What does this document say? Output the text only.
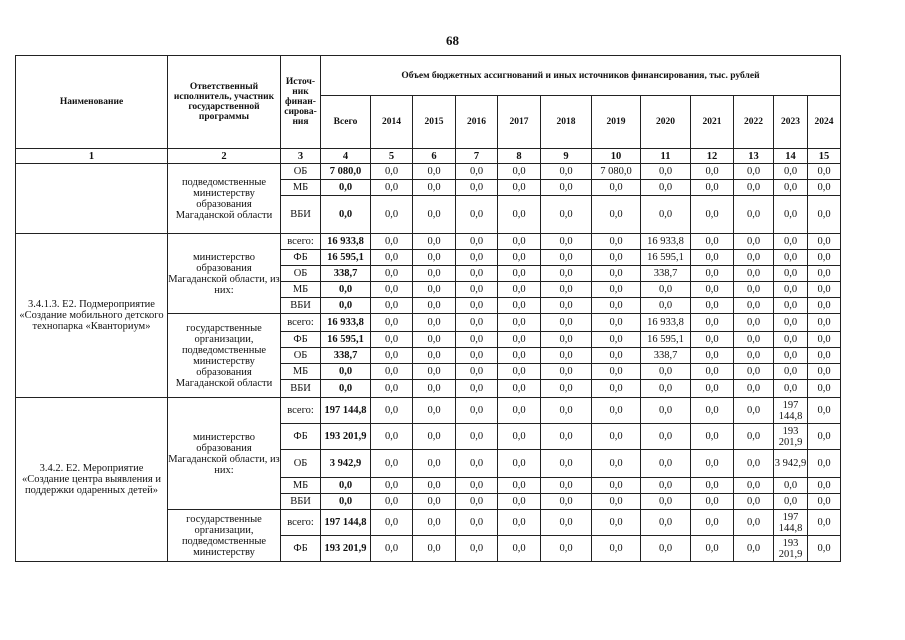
68
Наименование	Ответственный исполнитель, участник государственной программы	Источ-ник финан-сирова-ния	Объем бюджетных ассигнований и иных источников финансирования, тыс. рублей											
			Всего	2014	2015	2016	2017	2018	2019	2020	2021	2022	2023	2024
1	2	3	4	5	6	7	8	9	10	11	12	13	14	15
	подведомственные министерству образования Магаданской области	ОБ	7 080,0	0,0	0,0	0,0	0,0	0,0	7 080,0	0,0	0,0	0,0	0,0	0,0
		МБ	0,0	0,0	0,0	0,0	0,0	0,0	0,0	0,0	0,0	0,0	0,0	0,0
		ВБИ	0,0	0,0	0,0	0,0	0,0	0,0	0,0	0,0	0,0	0,0	0,0	0,0
3.4.1.3. Е2. Подмероприятие «Создание мобильного детского технопарка «Кванториум»	министерство образования Магаданской области, из них:	всего:	16 933,8	0,0	0,0	0,0	0,0	0,0	0,0	16 933,8	0,0	0,0	0,0	0,0
		ФБ	16 595,1	0,0	0,0	0,0	0,0	0,0	0,0	16 595,1	0,0	0,0	0,0	0,0
		ОБ	338,7	0,0	0,0	0,0	0,0	0,0	0,0	338,7	0,0	0,0	0,0	0,0
		МБ	0,0	0,0	0,0	0,0	0,0	0,0	0,0	0,0	0,0	0,0	0,0	0,0
		ВБИ	0,0	0,0	0,0	0,0	0,0	0,0	0,0	0,0	0,0	0,0	0,0	0,0
	государственные организации, подведомственные министерству образования Магаданской области	всего:	16 933,8	0,0	0,0	0,0	0,0	0,0	0,0	16 933,8	0,0	0,0	0,0	0,0
		ФБ	16 595,1	0,0	0,0	0,0	0,0	0,0	0,0	16 595,1	0,0	0,0	0,0	0,0
		ОБ	338,7	0,0	0,0	0,0	0,0	0,0	0,0	338,7	0,0	0,0	0,0	0,0
		МБ	0,0	0,0	0,0	0,0	0,0	0,0	0,0	0,0	0,0	0,0	0,0	0,0
		ВБИ	0,0	0,0	0,0	0,0	0,0	0,0	0,0	0,0	0,0	0,0	0,0	0,0
3.4.2. Е2. Мероприятие «Создание центра выявления и поддержки одаренных детей»	министерство образования Магаданской области, из них:	всего:	197 144,8	0,0	0,0	0,0	0,0	0,0	0,0	0,0	0,0	0,0	197 144,8	0,0
		ФБ	193 201,9	0,0	0,0	0,0	0,0	0,0	0,0	0,0	0,0	0,0	193 201,9	0,0
		ОБ	3 942,9	0,0	0,0	0,0	0,0	0,0	0,0	0,0	0,0	0,0	3 942,9	0,0
		МБ	0,0	0,0	0,0	0,0	0,0	0,0	0,0	0,0	0,0	0,0	0,0	0,0
		ВБИ	0,0	0,0	0,0	0,0	0,0	0,0	0,0	0,0	0,0	0,0	0,0	0,0
	государственные организации, подведомственные министерству	всего:	197 144,8	0,0	0,0	0,0	0,0	0,0	0,0	0,0	0,0	0,0	197 144,8	0,0
		ФБ	193 201,9	0,0	0,0	0,0	0,0	0,0	0,0	0,0	0,0	0,0	193 201,9	0,0
